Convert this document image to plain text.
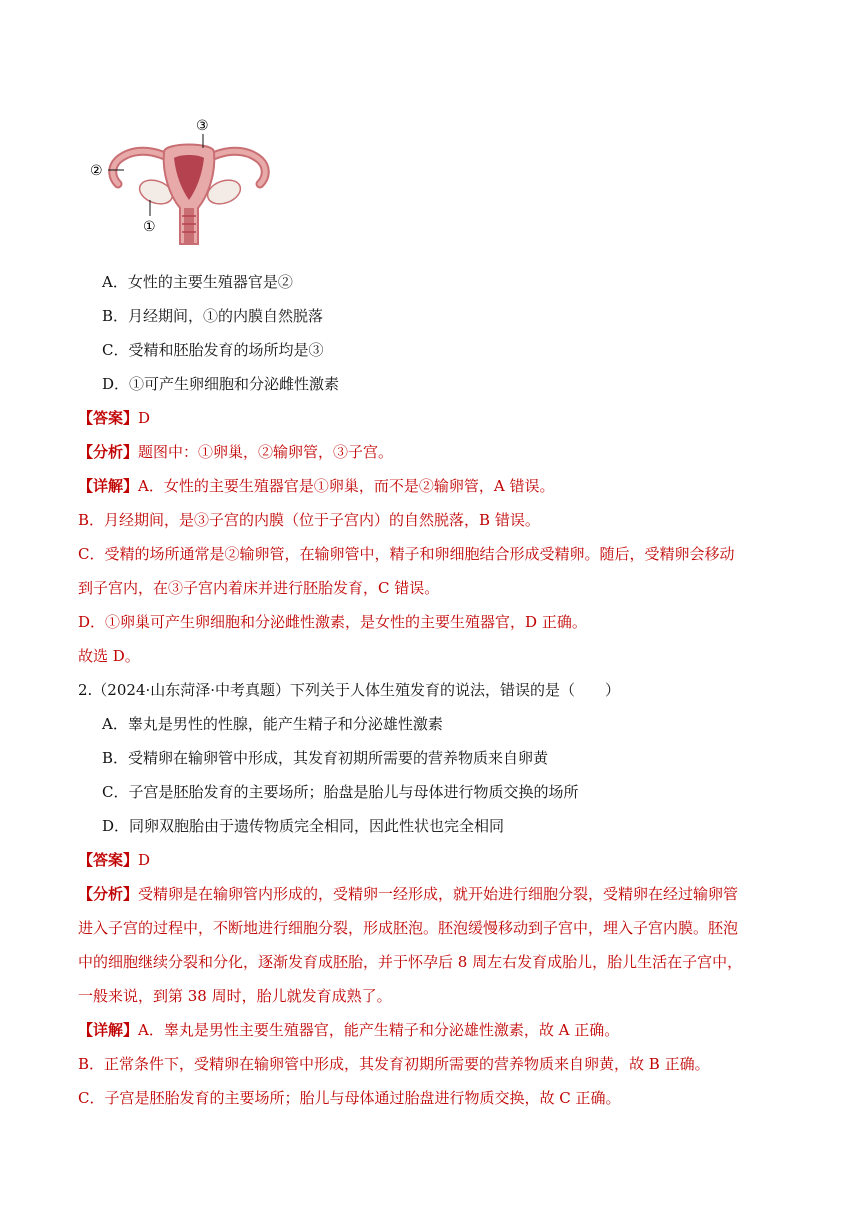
③
②
①
A．女性的主要生殖器官是②
B．月经期间，①的内膜自然脱落
C．受精和胚胎发育的场所均是③
D．①可产生卵细胞和分泌雌性激素
【答案】D
【分析】题图中：①卵巢，②输卵管，③子宫。
【详解】A．女性的主要生殖器官是①卵巢，而不是②输卵管，A 错误。
B．月经期间，是③子宫的内膜（位于子宫内）的自然脱落，B 错误。
C．受精的场所通常是②输卵管，在输卵管中，精子和卵细胞结合形成受精卵。随后，受精卵会移动
到子宫内，在③子宫内着床并进行胚胎发育，C 错误。
D．①卵巢可产生卵细胞和分泌雌性激素，是女性的主要生殖器官，D 正确。
故选 D。
2.（2024·山东菏泽·中考真题）下列关于人体生殖发育的说法，错误的是（　　）
A．睾丸是男性的性腺，能产生精子和分泌雄性激素
B．受精卵在输卵管中形成，其发育初期所需要的营养物质来自卵黄
C．子宫是胚胎发育的主要场所；胎盘是胎儿与母体进行物质交换的场所
D．同卵双胞胎由于遗传物质完全相同，因此性状也完全相同
【答案】D
【分析】受精卵是在输卵管内形成的，受精卵一经形成，就开始进行细胞分裂，受精卵在经过输卵管
进入子宫的过程中，不断地进行细胞分裂，形成胚泡。胚泡缓慢移动到子宫中，埋入子宫内膜。胚泡
中的细胞继续分裂和分化，逐渐发育成胚胎，并于怀孕后 8 周左右发育成胎儿，胎儿生活在子宫中，
一般来说，到第 38 周时，胎儿就发育成熟了。
【详解】A．睾丸是男性主要生殖器官，能产生精子和分泌雄性激素，故 A 正确。
B．正常条件下，受精卵在输卵管中形成，其发育初期所需要的营养物质来自卵黄，故 B 正确。
C．子宫是胚胎发育的主要场所；胎儿与母体通过胎盘进行物质交换，故 C 正确。
